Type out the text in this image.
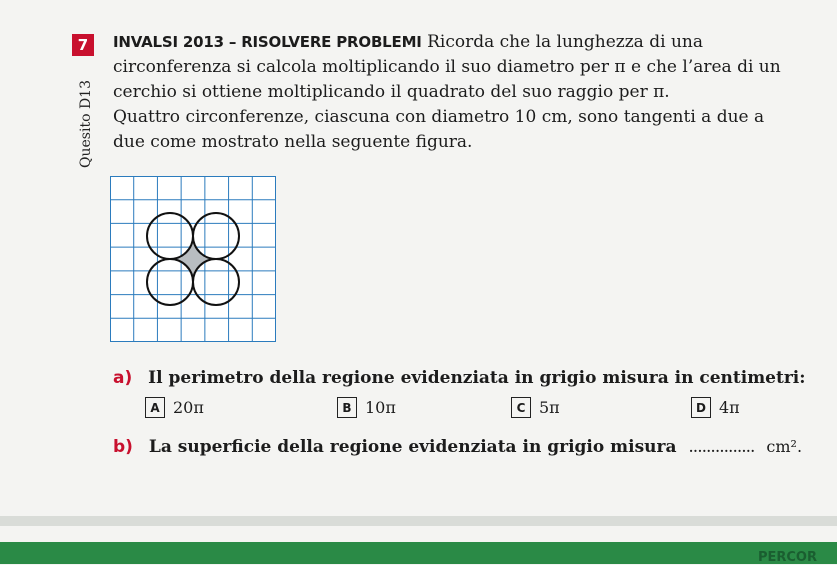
7
Quesito D13
INVALSI 2013 – RISOLVERE PROBLEMI Ricorda che la lunghezza di una
circonferenza si calcola moltiplicando il suo diametro per π e che l’area di un
cerchio si ottiene moltiplicando il quadrato del suo raggio per π.
Quattro circonferenze, ciascuna con diametro 10 cm, sono tangenti a due a
due come mostrato nella seguente figura.
a) Il perimetro della regione evidenziata in grigio misura in centimetri:
A 20π	B 10π	C 5π	D 4π
b) La superficie della regione evidenziata in grigio misura ............... cm².
PERCOR
